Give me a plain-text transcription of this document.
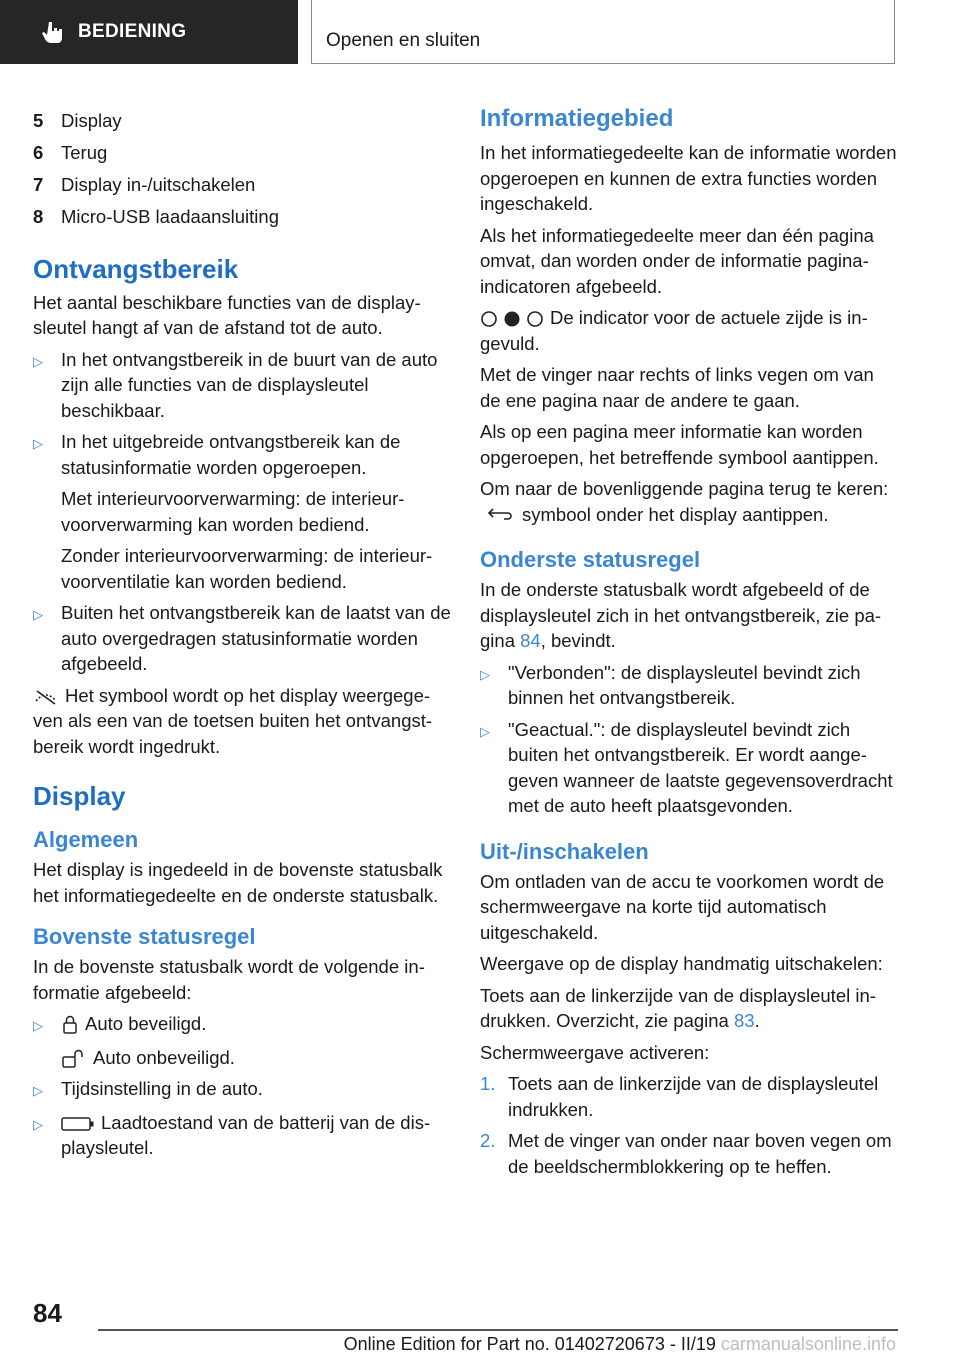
BEDIENING	Openen en sluiten
5 Display
6 Terug
7 Display in-/uitschakelen
8 Micro-USB laadaansluiting
Ontvangstbereik

Het aantal beschikbare functies van de displaysleutel hangt af van de afstand tot de auto.

▷ In het ontvangstbereik in de buurt van de auto zijn alle functies van de displaysleutel beschikbaar.
▷ In het uitgebreide ontvangstbereik kan de statusinformatie worden opgeroepen.

Met interieurvoorverwarming: de interieurvoorverwarming kan worden bediend.

Zonder interieurvoorverwarming: de interieurvoorventilatie kan worden bediend.

▷ Buiten het ontvangstbereik kan de laatst van de auto overgedragen statusinformatie worden afgebeeld.

Het symbool wordt op het display weergegeven als een van de toetsen buiten het ontvangstbereik wordt ingedrukt.

Display
Algemeen

Het display is ingedeeld in de bovenste statusbalk het informatiegedeelte en de onderste statusbalk.

Bovenste statusregel

In de bovenste statusbalk wordt de volgende informatie afgebeeld:

▷	Auto beveiligd.

Auto onbeveiligd.

▷ Tijdsinstelling in de auto.
▷	Laadtoestand van de batterij van de displaysleutel.
Informatiegebied

In het informatiegedeelte kan de informatie worden opgeroepen en kunnen de extra functies worden ingeschakeld.

Als het informatiegedeelte meer dan één pagina omvat, dan worden onder de informatie paginaindicatoren afgebeeld.

De indicator voor de actuele zijde is ingevuld.

Met de vinger naar rechts of links vegen om van de ene pagina naar de andere te gaan.

Als op een pagina meer informatie kan worden opgeroepen, het betreffende symbool aantippen.

Om naar de bovenliggende pagina terug te keren: symbool onder het display aantippen.

Onderste statusregel

In de onderste statusbalk wordt afgebeeld of de displaysleutel zich in het ontvangstbereik, zie pagina 84, bevindt.

▷ "Verbonden": de displaysleutel bevindt zich binnen het ontvangstbereik.
▷ "Geactual.": de displaysleutel bevindt zich buiten het ontvangstbereik. Er wordt aangegeven wanneer de laatste gegevensoverdracht met de auto heeft plaatsgevonden.
Uit-/inschakelen

Om ontladen van de accu te voorkomen wordt de schermweergave na korte tijd automatisch uitgeschakeld.

Weergave op de display handmatig uitschakelen:

Toets aan de linkerzijde van de displaysleutel indrukken. Overzicht, zie pagina 83.

Schermweergave activeren:

1. Toets aan de linkerzijde van de displaysleutel indrukken.
2. Met de vinger van onder naar boven vegen om de beeldschermblokkering op te heffen.
84
Online Edition for Part no. 01402720673 - II/19 carmanualsonline.info
